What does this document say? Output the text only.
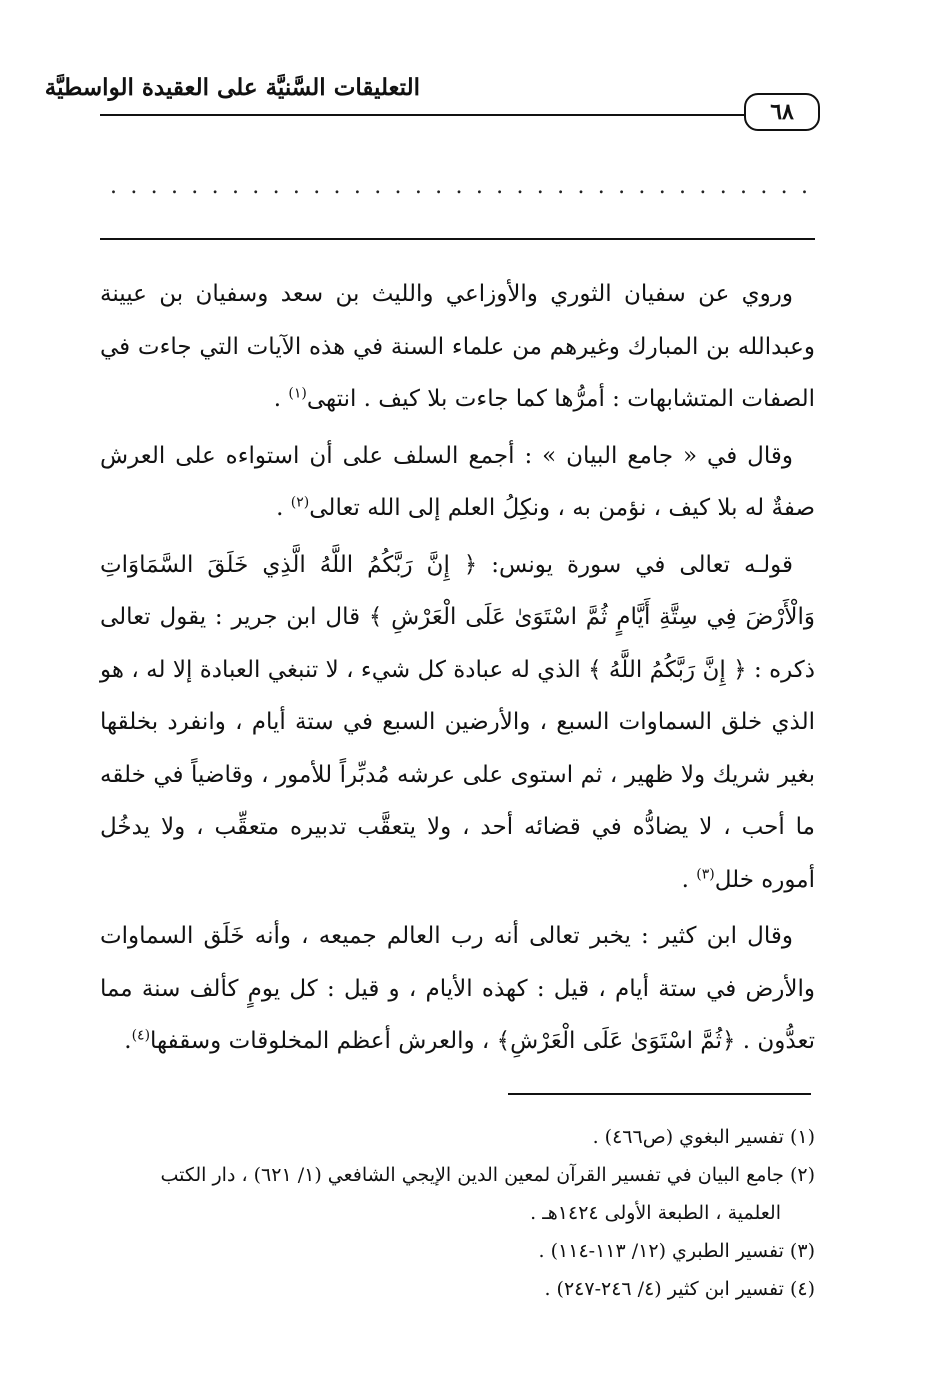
التعليقات السَّنيَّة على العقيدة الواسطيَّة
٦٨
. . . . . . . . . . . . . . . . . . . . . . . . . . . . . . . . . . .

وروي عن سفيان الثوري والأوزاعي والليث بن سعد وسفيان بن عيينة وعبدالله بن المبارك وغيرهم من علماء السنة في هذه الآيات التي جاءت في الصفات المتشابهات : أمرُّها كما جاءت بلا كيف . انتهى$^{(١)}$ .

وقال في « جامع البيان » : أجمع السلف على أن استواءه على العرش صفةٌ له بلا كيف ، نؤمن به ، ونكِلُ العلم إلى الله تعالى$^{(٢)}$ .

قولـه تعالى في سورة يونس: ﴿ إِنَّ رَبَّكُمُ اللَّهُ الَّذِي خَلَقَ السَّمَاوَاتِ وَالْأَرْضَ فِي سِتَّةِ أَيَّامٍ ثُمَّ اسْتَوَىٰ عَلَى الْعَرْشِ ﴾ قال ابن جرير : يقول تعالى ذكره : ﴿ إِنَّ رَبَّكُمُ اللَّهُ ﴾ الذي له عبادة كل شيء ، لا تنبغي العبادة إلا له ، هو الذي خلق السماوات السبع ، والأرضين السبع في ستة أيام ، وانفرد بخلقها بغير شريك ولا ظهير ، ثم استوى على عرشه مُدبِّراً للأمور ، وقاضياً في خلقه ما أحب ، لا يضادُّه في قضائه أحد ، ولا يتعقَّب تدبيره متعقِّب ، ولا يدخُل أموره خلل$^{(٣)}$ .

وقال ابن كثير : يخبر تعالى أنه رب العالم جميعه ، وأنه خَلَق السماوات والأرض في ستة أيام ، قيل : كهذه الأيام ، و قيل : كل يومٍ كألف سنة مما تعدُّون . ﴿ثُمَّ اسْتَوَىٰ عَلَى الْعَرْشِ﴾ ، والعرش أعظم المخلوقات وسقفها$^{(٤)}$.

(١) تفسير البغوي (ص٤٦٦) .

(٢) جامع البيان في تفسير القرآن لمعين الدين الإيجي الشافعي (١/ ٦٢١) ، دار الكتب

العلمية ، الطبعة الأولى ١٤٢٤هـ .

(٣) تفسير الطبري (١٢/ ١١٣-١١٤) .

(٤) تفسير ابن كثير (٤/ ٢٤٦-٢٤٧) .
